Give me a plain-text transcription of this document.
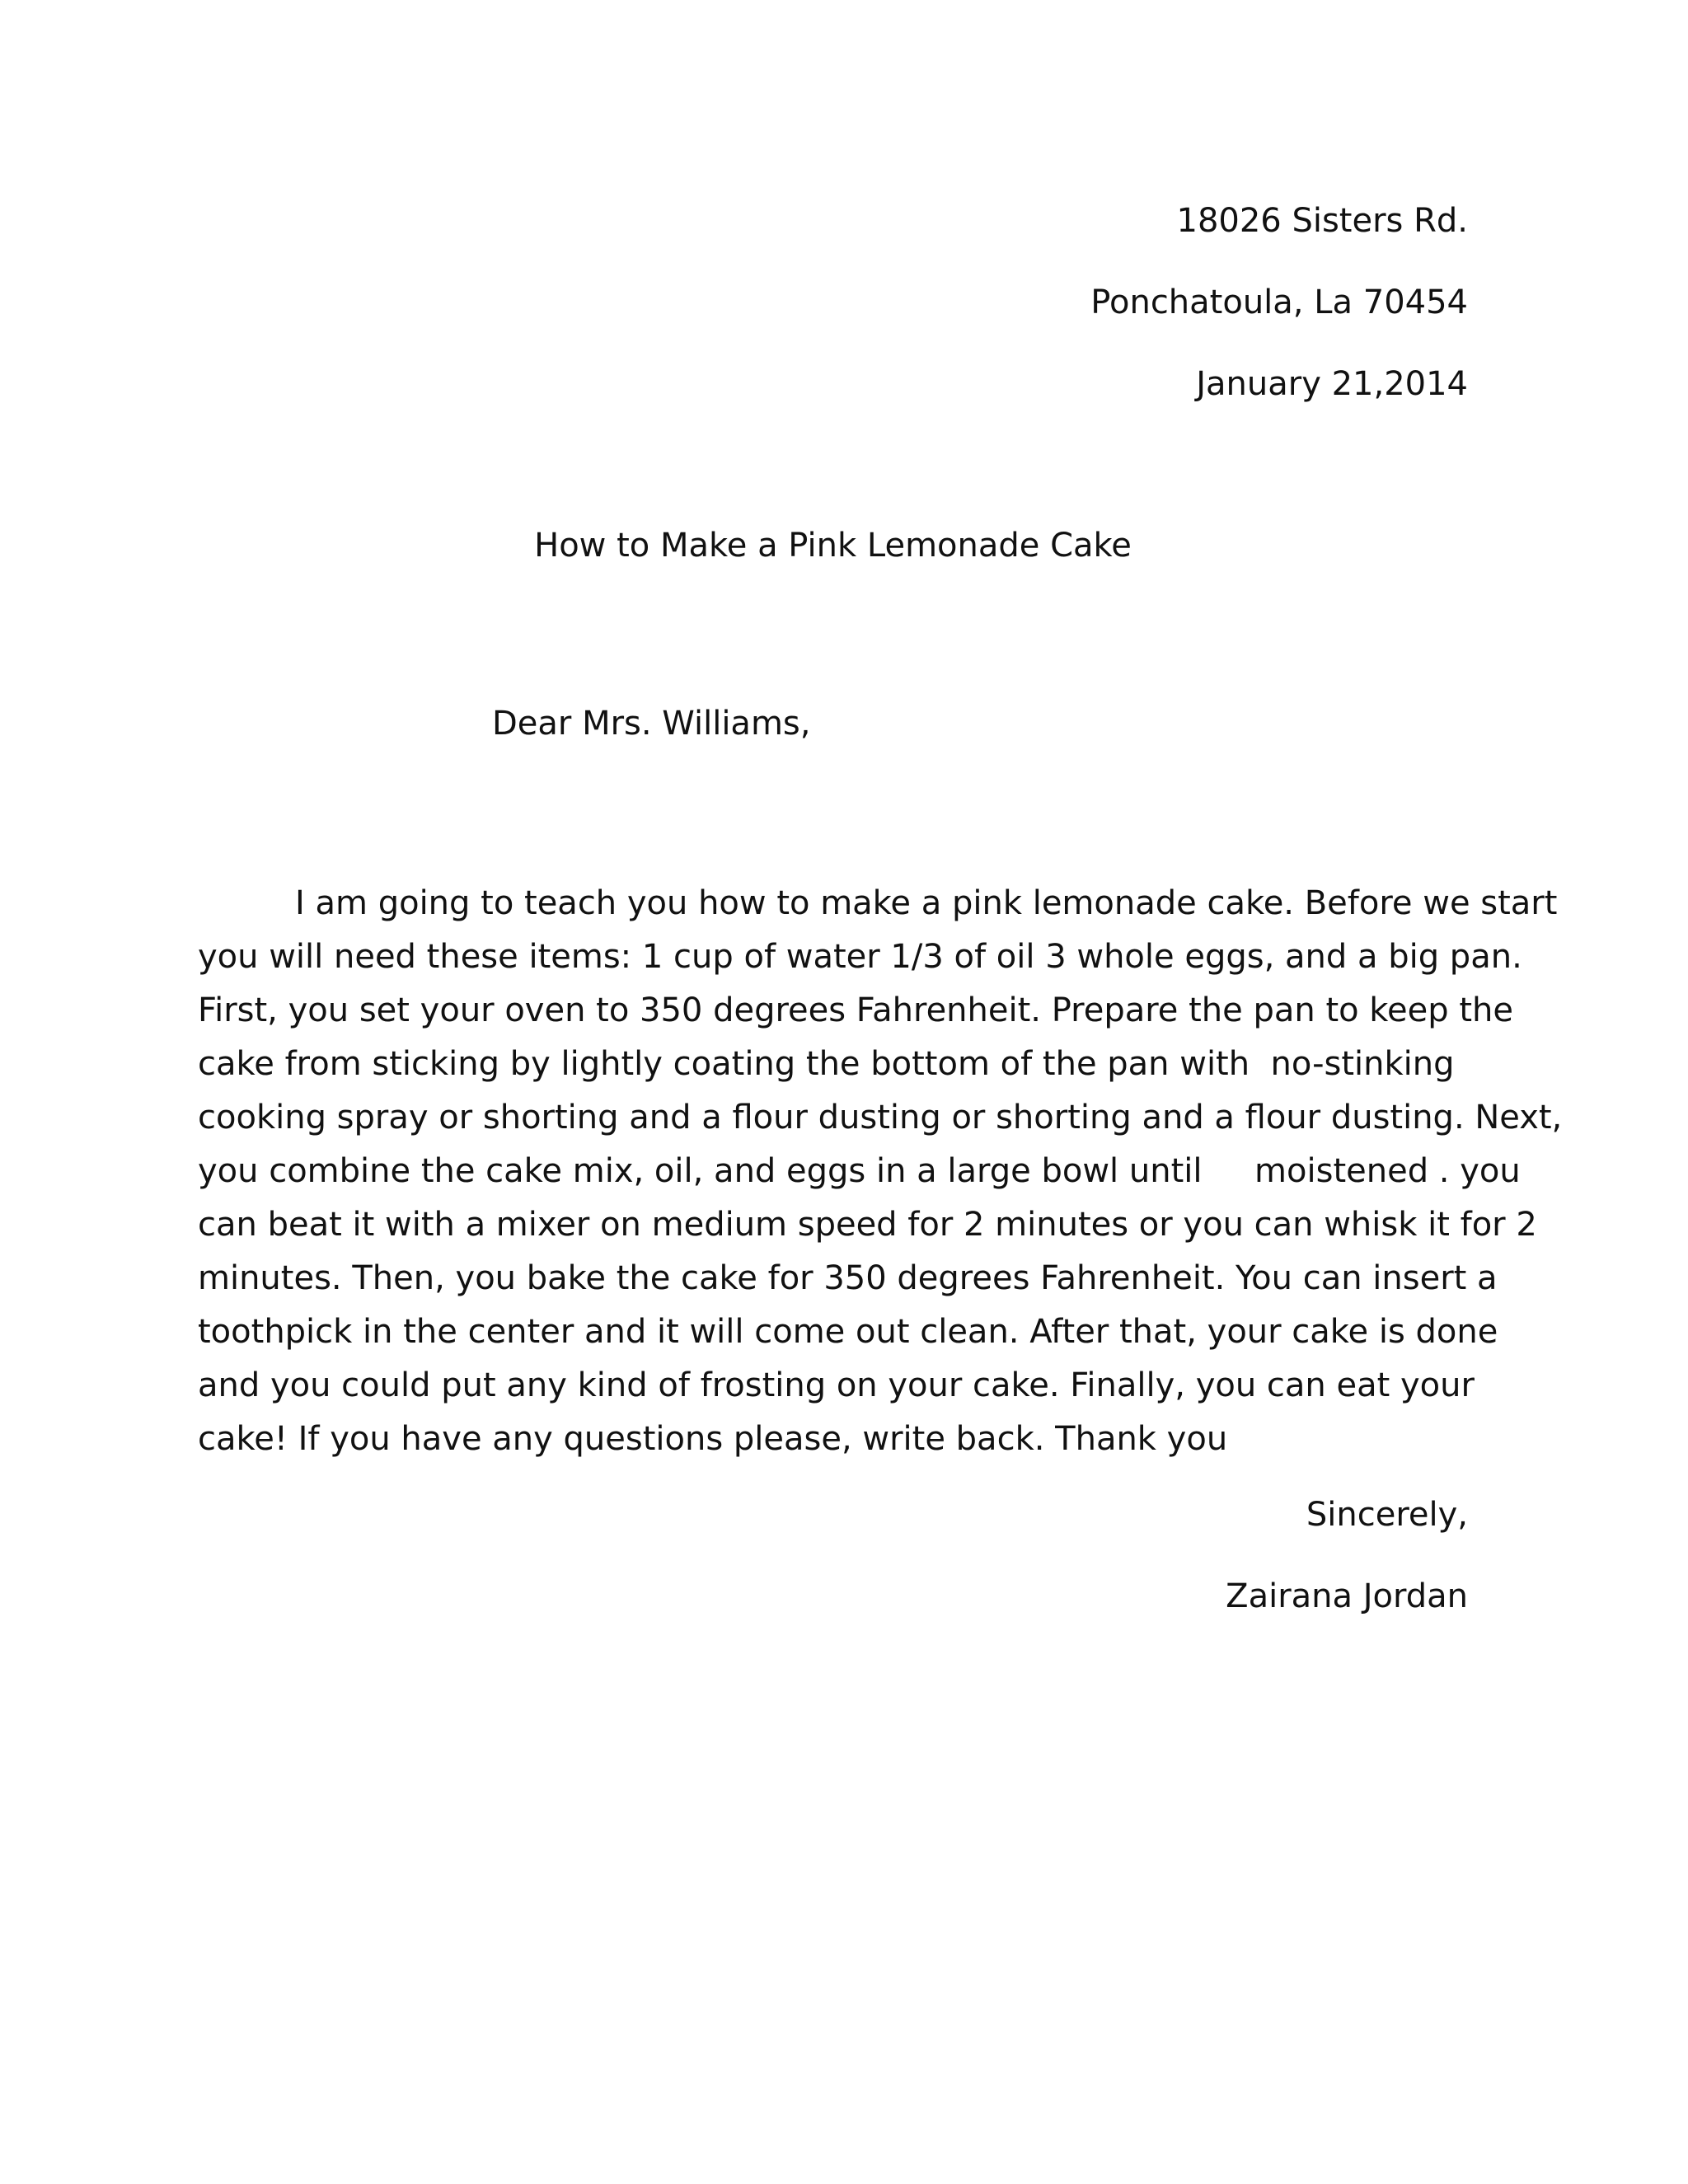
18026 Sisters Rd.
Ponchatoula, La 70454
January 21,2014
How to Make a Pink Lemonade Cake
Dear Mrs. Williams,
I am going to teach you how to make a pink lemonade cake. Before we start
you will need these items: 1 cup of water 1/3 of oil 3 whole eggs, and a big pan.
First, you set your oven to 350 degrees Fahrenheit. Prepare the pan to keep the
cake from sticking by lightly coating the bottom of the pan with  no-stinking
cooking spray or shorting and a flour dusting or shorting and a flour dusting. Next,
you combine the cake mix, oil, and eggs in a large bowl until     moistened . you
can beat it with a mixer on medium speed for 2 minutes or you can whisk it for 2
minutes. Then, you bake the cake for 350 degrees Fahrenheit. You can insert a
toothpick in the center and it will come out clean. After that, your cake is done
and you could put any kind of frosting on your cake. Finally, you can eat your
cake! If you have any questions please, write back. Thank you
Sincerely,
Zairana Jordan
